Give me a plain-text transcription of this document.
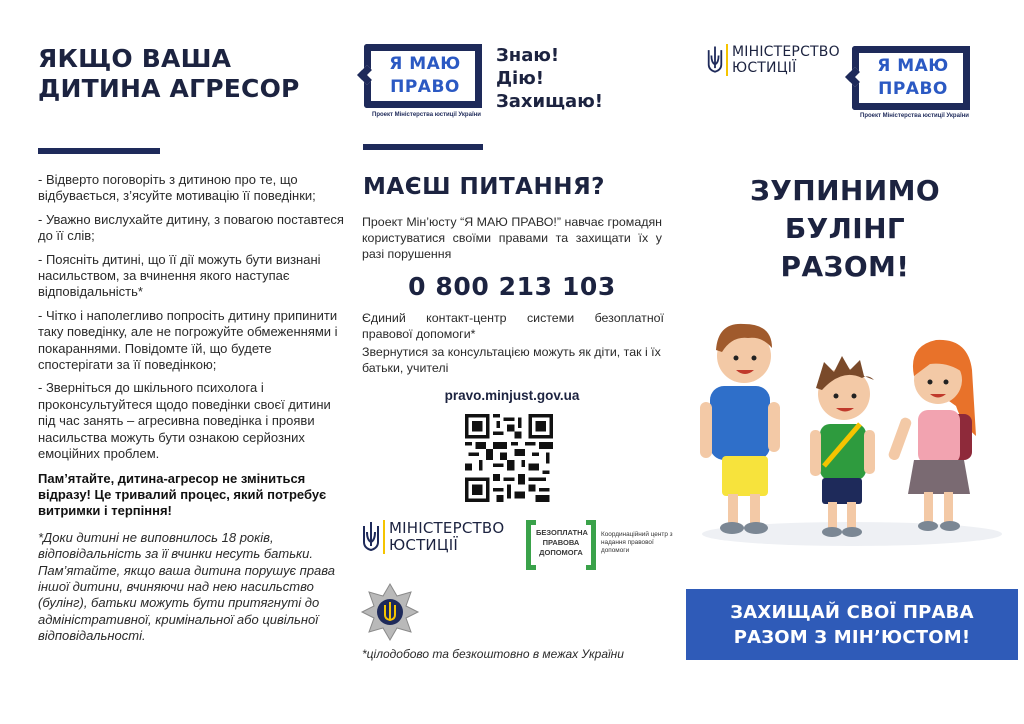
ЯКЩО ВАША
ДИТИНА АГРЕСОР

- Відверто поговоріть з дитиною про те, що відбувається, з’ясуйте мотивацію її поведінки;

- Уважно вислухайте дитину, з повагою поставтеся до її слів;

- Поясніть дитині, що її дії можуть бути визнані насильством, за вчинення якого наступає відповідальність*

- Чітко і наполегливо попросіть дитину припинити таку поведінку, але не погрожуйте обмеженнями і покараннями. Повідомте їй, що будете спостерігати за її поведінкою;

- Зверніться до шкільного психолога і проконсультуйтеся щодо поведінки своєї дитини під час занять – агресивна поведінка і прояви насильства можуть бути ознакою серйозних емоційних проблем.

Пам’ятайте, дитина-агресор не зміниться відразу! Це тривалий процес, який потребує витримки і терпіння!

*Доки дитині не виповнилось 18 років, відповідальність за її вчинки несуть батьки. Пам’ятайте, якщо ваша дитина порушує права іншої дитини, вчиняючи над нею насильство (булінг), батьки можуть бути притягнуті до адміністративної, кримінальної або цивільної відповідальності.

Я МАЮ
ПРАВО
Проект Міністерства юстиції України
Знаю!
Дію!
Захищаю!
МАЄШ ПИТАННЯ?
Проект Мін’юсту “Я МАЮ ПРАВО!” навчає громадян користуватися своїми правами та захищати їх у разі порушення
0 800 213 103
Єдиний контакт-центр системи безоплатної правової допомоги*
Звернутися за консультацією можуть як діти, так і їх батьки, учителі
pravo.minjust.gov.ua
МІНІСТЕРСТВО
ЮСТИЦІЇ
БЕЗОПЛАТНА ПРАВОВА ДОПОМОГА
Координаційний центр з надання правової допомоги
*цілодобово та безкоштовно в межах України
МІНІСТЕРСТВО
ЮСТИЦІЇ	Я МАЮ
ПРАВО
Проект Міністерства юстиції України
ЗУПИНИМО
БУЛІНГ
РАЗОМ!
ЗАХИЩАЙ СВОЇ ПРАВА
РАЗОМ З МІН’ЮСТОМ!
